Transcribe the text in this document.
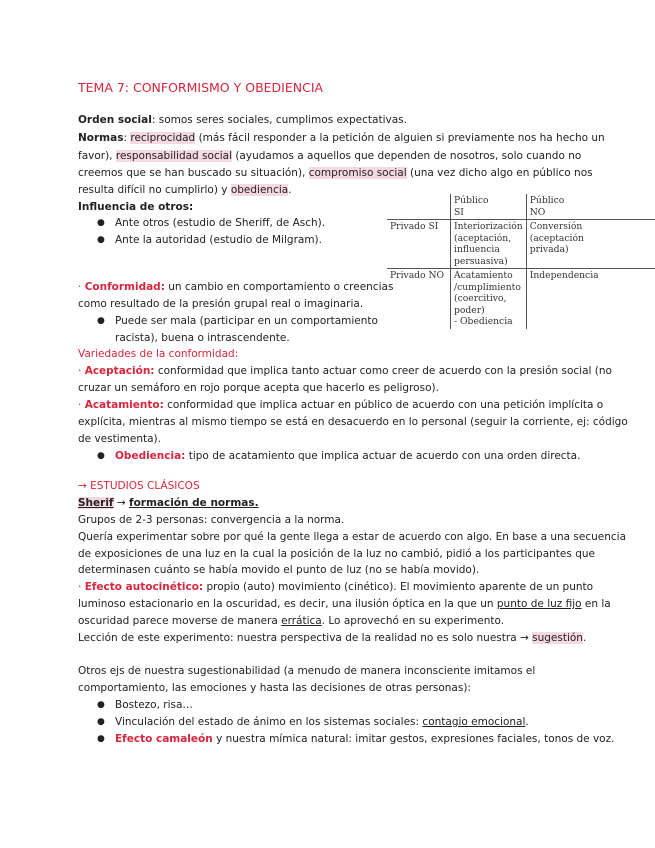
TEMA 7: CONFORMISMO Y OBEDIENCIA
Orden social: somos seres sociales, cumplimos expectativas.
Normas: reciprocidad (más fácil responder a la petición de alguien si previamente nos ha hecho un
favor), responsabilidad social (ayudamos a aquellos que dependen de nosotros, solo cuando no
creemos que se han buscado su situación), compromiso social (una vez dicho algo en público nos
resulta difícil no cumplirlo) y obediencia.
Influencia de otros:
● Ante otros (estudio de Sheriff, de Asch).
● Ante la autoridad (estudio de Milgram).
	Público
SI	Público
NO
Privado SI	Interiorización
(aceptación,
influencia
persuasiva)	Conversión
(aceptación
privada)
Privado NO	Acatamiento
/cumplimiento
(coercitivo,
poder)
- Obediencia	Independencia
· Conformidad: un cambio en comportamiento o creencias
como resultado de la presión grupal real o imaginaria.
● Puede ser mala (participar en un comportamiento
racista), buena o intrascendente.
Variedades de la conformidad:
· Aceptación: conformidad que implica tanto actuar como creer de acuerdo con la presión social (no
cruzar un semáforo en rojo porque acepta que hacerlo es peligroso).
· Acatamiento: conformidad que implica actuar en público de acuerdo con una petición implícita o
explícita, mientras al mismo tiempo se está en desacuerdo en lo personal (seguir la corriente, ej: código
de vestimenta).
● Obediencia: tipo de acatamiento que implica actuar de acuerdo con una orden directa.
→ ESTUDIOS CLÁSICOS
Sherif → formación de normas.
Grupos de 2-3 personas: convergencia a la norma.
Quería experimentar sobre por qué la gente llega a estar de acuerdo con algo. En base a una secuencia
de exposiciones de una luz en la cual la posición de la luz no cambió, pidió a los participantes que
determinasen cuánto se había movido el punto de luz (no se había movido).
· Efecto autocinético: propio (auto) movimiento (cinético). El movimiento aparente de un punto
luminoso estacionario en la oscuridad, es decir, una ilusión óptica en la que un punto de luz fijo en la
oscuridad parece moverse de manera errática. Lo aprovechó en su experimento.
Lección de este experimento: nuestra perspectiva de la realidad no es solo nuestra → sugestión.
Otros ejs de nuestra sugestionabilidad (a menudo de manera inconsciente imitamos el
comportamiento, las emociones y hasta las decisiones de otras personas):
● Bostezo, risa…
● Vinculación del estado de ánimo en los sistemas sociales: contagio emocional.
● Efecto camaleón y nuestra mímica natural: imitar gestos, expresiones faciales, tonos de voz.
